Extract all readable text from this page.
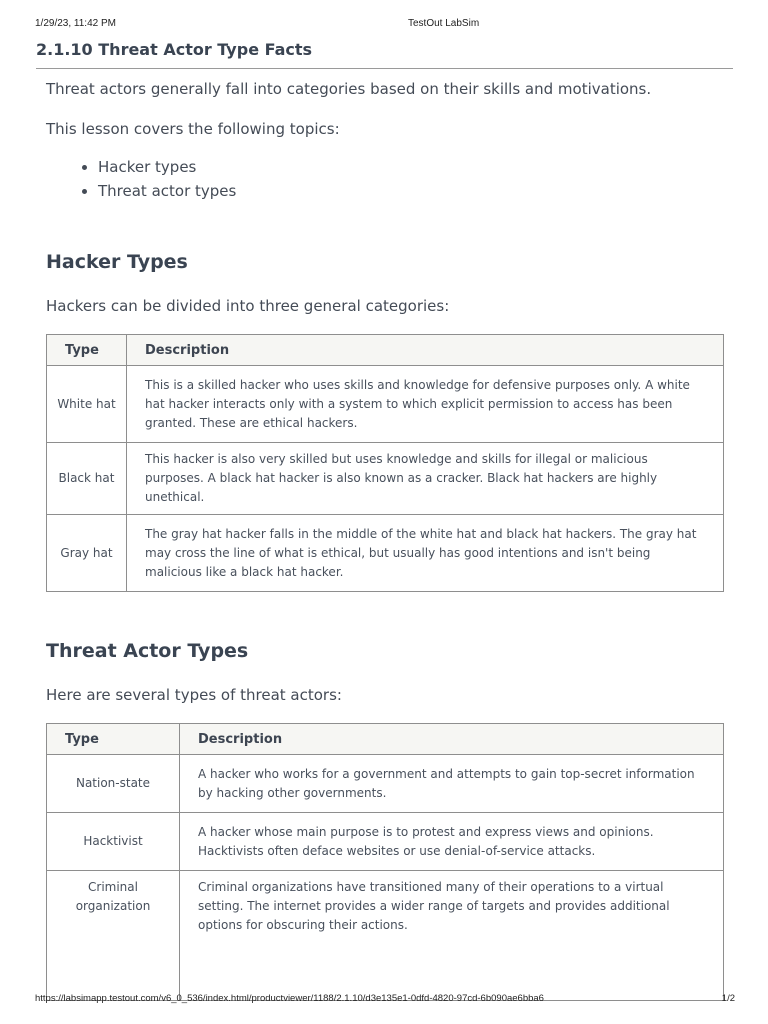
1/29/23, 11:42 PM	TestOut LabSim
2.1.10 Threat Actor Type Facts

Threat actors generally fall into categories based on their skills and motivations.

This lesson covers the following topics:

• Hacker types
• Threat actor types
Hacker Types

Hackers can be divided into three general categories:

Type	Description
White hat	This is a skilled hacker who uses skills and knowledge for defensive purposes only. A white hat hacker interacts only with a system to which explicit permission to access has been granted. These are ethical hackers.
Black hat	This hacker is also very skilled but uses knowledge and skills for illegal or malicious purposes. A black hat hacker is also known as a cracker. Black hat hackers are highly unethical.
Gray hat	The gray hat hacker falls in the middle of the white hat and black hat hackers. The gray hat may cross the line of what is ethical, but usually has good intentions and isn't being malicious like a black hat hacker.
Threat Actor Types

Here are several types of threat actors:

Type	Description
Nation-state	A hacker who works for a government and attempts to gain top-secret information by hacking other governments.
Hacktivist	A hacker whose main purpose is to protest and express views and opinions. Hacktivists often deface websites or use denial-of-service attacks.
Criminal organization	Criminal organizations have transitioned many of their operations to a virtual setting. The internet provides a wider range of targets and provides additional options for obscuring their actions.
https://labsimapp.testout.com/v6_0_536/index.html/productviewer/1188/2.1.10/d3e135e1-0dfd-4820-97cd-6b090ae6bba6	1/2
